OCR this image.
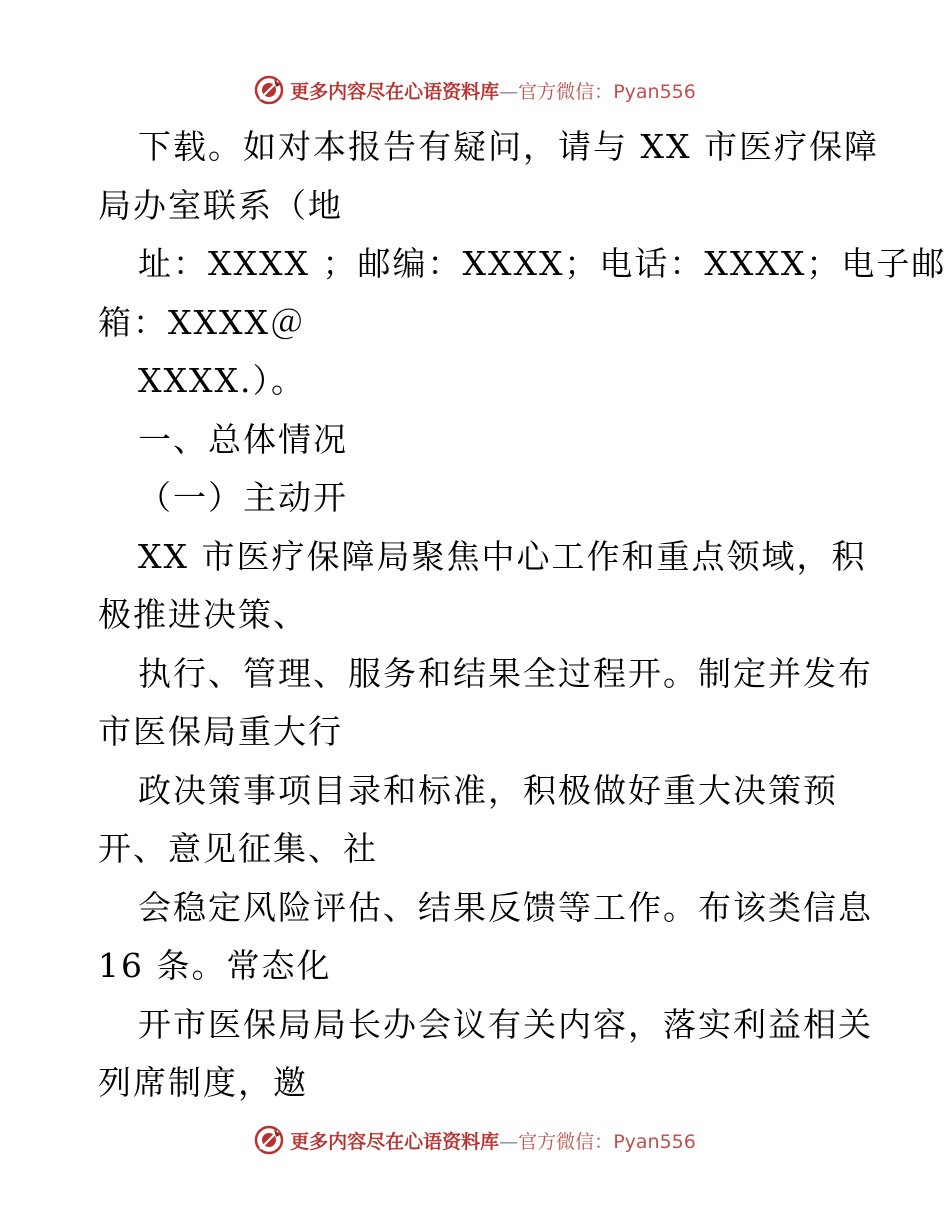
更多内容尽在心语资料库—官方微信：Pyan556
下载。如对本报告有疑问，请与 XX 市医疗保障
局办室联系（地
址：XXXX ；邮编：XXXX；电话：XXXX；电子邮
箱：XXXX＠
XXXX.）。
一、总体情况
（一）主动开
XX 市医疗保障局聚焦中心工作和重点领域，积
极推进决策、
执行、管理、服务和结果全过程开。制定并发布
市医保局重大行
政决策事项目录和标准，积极做好重大决策预
开、意见征集、社
会稳定风险评估、结果反馈等工作。布该类信息
16 条。常态化
开市医保局局长办会议有关内容，落实利益相关
列席制度，邀
更多内容尽在心语资料库—官方微信：Pyan556
